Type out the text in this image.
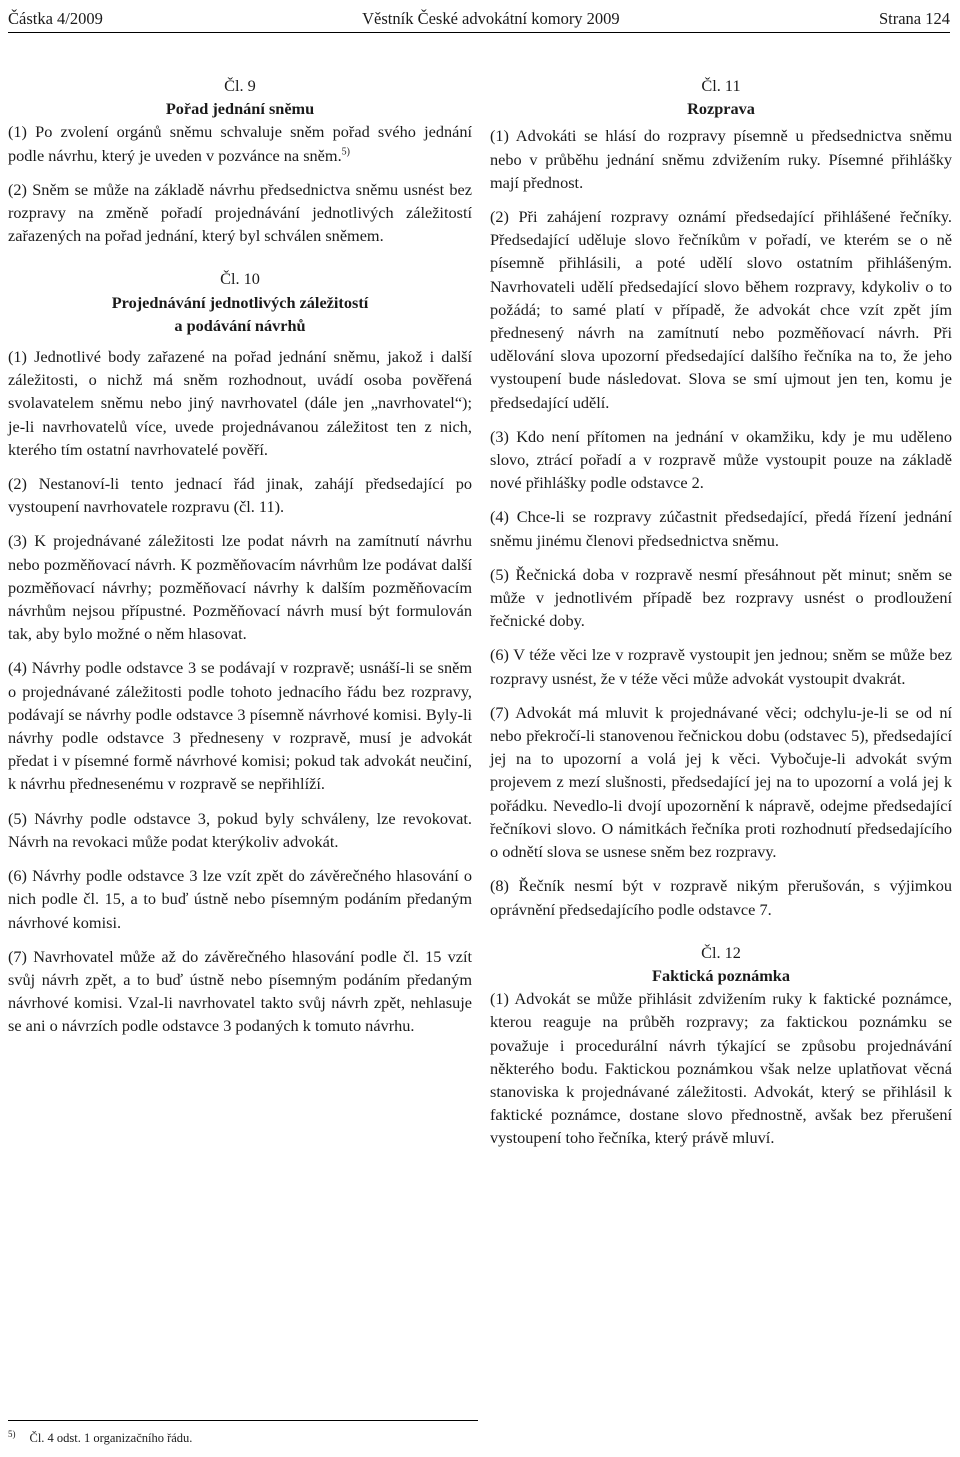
Částka 4/2009	Věstník České advokátní komory 2009	Strana 124

Čl. 9

Pořad jednání sněmu

(1) Po zvolení orgánů sněmu schvaluje sněm pořad svého jednání podle návrhu, který je uveden v pozvánce na sněm.$^{5)}$

(2) Sněm se může na základě návrhu předsednictva sněmu usnést bez rozpravy na změně pořadí projednávání jednotlivých záležitostí zařazených na pořad jednání, který byl schválen sněmem.

Čl. 10

Projednávání jednotlivých záležitostí

a podávání návrhů

(1) Jednotlivé body zařazené na pořad jednání sněmu, jakož i další záležitosti, o nichž má sněm rozhodnout, uvádí osoba pověřená svolavatelem sněmu nebo jiný navrhovatel (dále jen „navrhovatel“); je-li navrhovatelů více, uvede projednávanou záležitost ten z nich, kterého tím ostatní navrhovatelé pověří.

(2) Nestanoví-li tento jednací řád jinak, zahájí předsedající po vystoupení navrhovatele rozpravu (čl. 11).

(3) K projednávané záležitosti lze podat návrh na zamítnutí návrhu nebo pozměňovací návrh. K pozměňovacím návrhům lze podávat další pozměňovací návrhy; pozměňovací návrhy k dalším pozměňovacím návrhům nejsou přípustné. Pozměňovací návrh musí být formulován tak, aby bylo možné o něm hlasovat.

(4) Návrhy podle odstavce 3 se podávají v rozpravě; usnáší-li se sněm o projednávané záležitosti podle tohoto jednacího řádu bez rozpravy, podávají se návrhy podle odstavce 3 písemně návrhové komisi. Byly-li návrhy podle odstavce 3 předneseny v rozpravě, musí je advokát předat i v písemné formě návrhové komisi; pokud tak advokát neučiní, k návrhu přednesenému v rozpravě se nepřihlíží.

(5) Návrhy podle odstavce 3, pokud byly schváleny, lze revokovat. Návrh na revokaci může podat kterýkoliv advokát.

(6) Návrhy podle odstavce 3 lze vzít zpět do závěrečného hlasování o nich podle čl. 15, a to buď ústně nebo písemným podáním předaným návrhové komisi.

(7) Navrhovatel může až do závěrečného hlasování podle čl. 15 vzít svůj návrh zpět, a to buď ústně nebo písemným podáním předaným návrhové komisi. Vzal-li navrhovatel takto svůj návrh zpět, nehlasuje se ani o návrzích podle odstavce 3 podaných k tomuto návrhu.

Čl. 11

Rozprava

(1) Advokáti se hlásí do rozpravy písemně u předsednictva sněmu nebo v průběhu jednání sněmu zdvižením ruky. Písemné přihlášky mají přednost.

(2) Při zahájení rozpravy oznámí předsedající přihlášené řečníky. Předsedající uděluje slovo řečníkům v pořadí, ve kterém se o ně písemně přihlásili, a poté udělí slovo ostatním přihlášeným. Navrhovateli udělí předsedající slovo během rozpravy, kdykoliv o to požádá; to samé platí v případě, že advokát chce vzít zpět jím přednesený návrh na zamítnutí nebo pozměňovací návrh. Při udělování slova upozorní předsedající dalšího řečníka na to, že jeho vystoupení bude následovat. Slova se smí ujmout jen ten, komu je předsedající udělí.

(3) Kdo není přítomen na jednání v okamžiku, kdy je mu uděleno slovo, ztrácí pořadí a v rozpravě může vystoupit pouze na základě nové přihlášky podle odstavce 2.

(4) Chce-li se rozpravy zúčastnit předsedající, předá řízení jednání sněmu jinému členovi předsednictva sněmu.

(5) Řečnická doba v rozpravě nesmí přesáhnout pět minut; sněm se může v jednotlivém případě bez rozpravy usnést o prodloužení řečnické doby.

(6) V téže věci lze v rozpravě vystoupit jen jednou; sněm se může bez rozpravy usnést, že v téže věci může advokát vystoupit dvakrát.

(7) Advokát má mluvit k projednávané věci; odchylu-je-li se od ní nebo překročí-li stanovenou řečnickou dobu (odstavec 5), předsedající jej na to upozorní a volá jej k věci. Vybočuje-li advokát svým projevem z mezí slušnosti, předsedající jej na to upozorní a volá jej k pořádku. Nevedlo-li dvojí upozornění k nápravě, odejme předsedající řečníkovi slovo. O námitkách řečníka proti rozhodnutí předsedajícího o odnětí slova se usnese sněm bez rozpravy.

(8) Řečník nesmí být v rozpravě nikým přerušován, s výjimkou oprávnění předsedajícího podle odstavce 7.

Čl. 12

Faktická poznámka

(1) Advokát se může přihlásit zdvižením ruky k faktické poznámce, kterou reaguje na průběh rozpravy; za faktickou poznámku se považuje i procedurální návrh týkající se způsobu projednávání některého bodu. Faktickou poznámkou však nelze uplatňovat věcná stanoviska k projednávané záležitosti. Advokát, který se přihlásil k faktické poznámce, dostane slovo přednostně, avšak bez přerušení vystoupení toho řečníka, který právě mluví.

$^{5)}$ Čl. 4 odst. 1 organizačního řádu.
